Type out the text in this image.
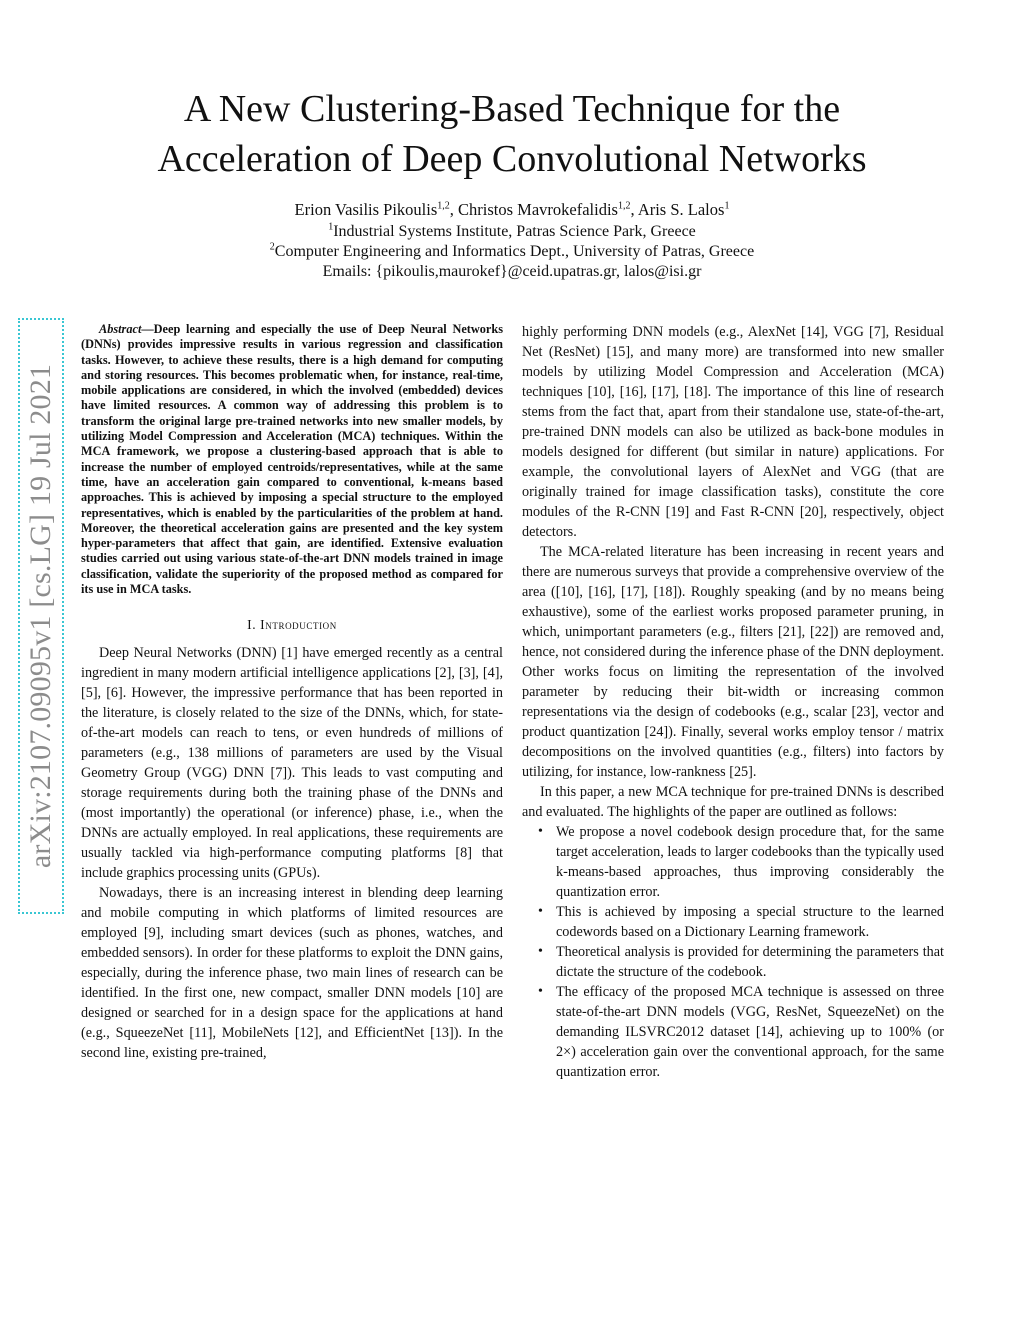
arXiv:2107.09095v1 [cs.LG] 19 Jul 2021
A New Clustering-Based Technique for the
Acceleration of Deep Convolutional Networks
Erion Vasilis Pikoulis$^{1,2}$, Christos Mavrokefalidis$^{1,2}$, Aris S. Lalos$^1$
$^1$Industrial Systems Institute, Patras Science Park, Greece
$^2$Computer Engineering and Informatics Dept., University of Patras, Greece
Emails: {pikoulis,maurokef}@ceid.upatras.gr, lalos@isi.gr

Abstract—Deep learning and especially the use of Deep Neural Networks (DNNs) provides impressive results in various regression and classification tasks. However, to achieve these results, there is a high demand for computing and storing resources. This becomes problematic when, for instance, real-time, mobile applications are considered, in which the involved (embedded) devices have limited resources. A common way of addressing this problem is to transform the original large pre-trained networks into new smaller models, by utilizing Model Compression and Acceleration (MCA) techniques. Within the MCA framework, we propose a clustering-based approach that is able to increase the number of employed centroids/representatives, while at the same time, have an acceleration gain compared to conventional, k-means based approaches. This is achieved by imposing a special structure to the employed representatives, which is enabled by the particularities of the problem at hand. Moreover, the theoretical acceleration gains are presented and the key system hyper-parameters that affect that gain, are identified. Extensive evaluation studies carried out using various state-of-the-art DNN models trained in image classification, validate the superiority of the proposed method as compared for its use in MCA tasks.

I. Introduction

Deep Neural Networks (DNN) [1] have emerged recently as a central ingredient in many modern artificial intelligence applications [2], [3], [4], [5], [6]. However, the impressive performance that has been reported in the literature, is closely related to the size of the DNNs, which, for state-of-the-art models can reach to tens, or even hundreds of millions of parameters (e.g., 138 millions of parameters are used by the Visual Geometry Group (VGG) DNN [7]). This leads to vast computing and storage requirements during both the training phase of the DNNs and (most importantly) the operational (or inference) phase, i.e., when the DNNs are actually employed. In real applications, these requirements are usually tackled via high-performance computing platforms [8] that include graphics processing units (GPUs).

Nowadays, there is an increasing interest in blending deep learning and mobile computing in which platforms of limited resources are employed [9], including smart devices (such as phones, watches, and embedded sensors). In order for these platforms to exploit the DNN gains, especially, during the inference phase, two main lines of research can be identified. In the first one, new compact, smaller DNN models [10] are designed or searched for in a design space for the applications at hand (e.g., SqueezeNet [11], MobileNets [12], and EfficientNet [13]). In the second line, existing pre-trained,

highly performing DNN models (e.g., AlexNet [14], VGG [7], Residual Net (ResNet) [15], and many more) are transformed into new smaller models by utilizing Model Compression and Acceleration (MCA) techniques [10], [16], [17], [18]. The importance of this line of research stems from the fact that, apart from their standalone use, state-of-the-art, pre-trained DNN models can also be utilized as back-bone modules in models designed for different (but similar in nature) applications. For example, the convolutional layers of AlexNet and VGG (that are originally trained for image classification tasks), constitute the core modules of the R-CNN [19] and Fast R-CNN [20], respectively, object detectors.

The MCA-related literature has been increasing in recent years and there are numerous surveys that provide a comprehensive overview of the area ([10], [16], [17], [18]). Roughly speaking (and by no means being exhaustive), some of the earliest works proposed parameter pruning, in which, unimportant parameters (e.g., filters [21], [22]) are removed and, hence, not considered during the inference phase of the DNN deployment. Other works focus on limiting the representation of the involved parameter by reducing their bit-width or increasing common representations via the design of codebooks (e.g., scalar [23], vector and product quantization [24]). Finally, several works employ tensor / matrix decompositions on the involved quantities (e.g., filters) into factors by utilizing, for instance, low-rankness [25].

In this paper, a new MCA technique for pre-trained DNNs is described and evaluated. The highlights of the paper are outlined as follows:

• We propose a novel codebook design procedure that, for the same target acceleration, leads to larger codebooks than the typically used k-means-based approaches, thus improving considerably the quantization error.
• This is achieved by imposing a special structure to the learned codewords based on a Dictionary Learning framework.
• Theoretical analysis is provided for determining the parameters that dictate the structure of the codebook.
• The efficacy of the proposed MCA technique is assessed on three state-of-the-art DNN models (VGG, ResNet, SqueezeNet) on the demanding ILSVRC2012 dataset [14], achieving up to 100% (or 2×) acceleration gain over the conventional approach, for the same quantization error.
